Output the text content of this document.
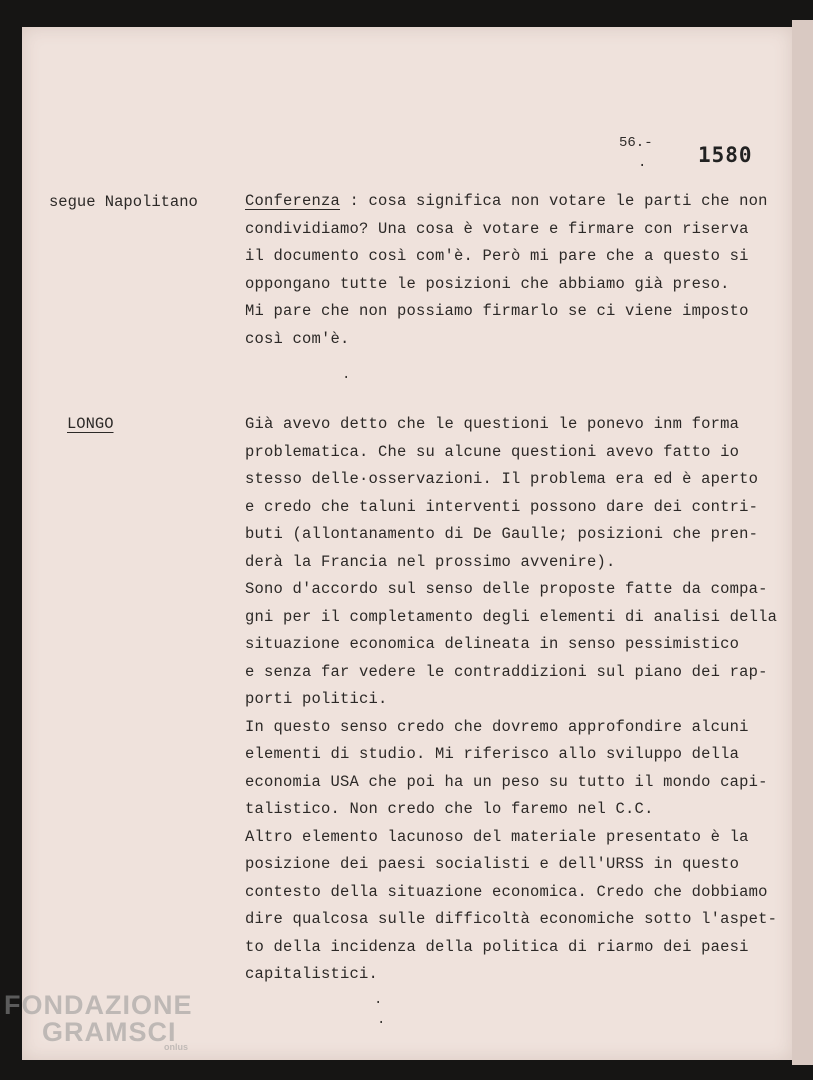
56.-
. 1580
segue Napolitano	Conferenza : cosa significa non votare le parti che non
condividiamo? Una cosa è votare e firmare con riserva
il documento così com'è. Però mi pare che a questo si
oppongano tutte le posizioni che abbiamo già preso.
Mi pare che non possiamo firmarlo se ci viene imposto
così com'è.
.
LONGO	Già avevo detto che le questioni le ponevo inm forma
problematica. Che su alcune questioni avevo fatto io
stesso delle·osservazioni. Il problema era ed è aperto
e credo che taluni interventi possono dare dei contri-
buti (allontanamento di De Gaulle; posizioni che pren-
derà la Francia nel prossimo avvenire).
Sono d'accordo sul senso delle proposte fatte da compa-
gni per il completamento degli elementi di analisi della
situazione economica delineata in senso pessimistico
e senza far vedere le contraddizioni sul piano dei rap-
porti politici.
In questo senso credo che dovremo approfondire alcuni
elementi di studio. Mi riferisco allo sviluppo della
economia USA che poi ha un peso su tutto il mondo capi-
talistico. Non credo che lo faremo nel C.C.
Altro elemento lacunoso del materiale presentato è la
posizione dei paesi socialisti e dell'URSS in questo
contesto della situazione economica. Credo che dobbiamo
dire qualcosa sulle difficoltà economiche sotto l'aspet-
to della incidenza della politica di riarmo dei paesi
capitalistici.
.
.
FONDAZIONE
GRAMSCI
onlus
